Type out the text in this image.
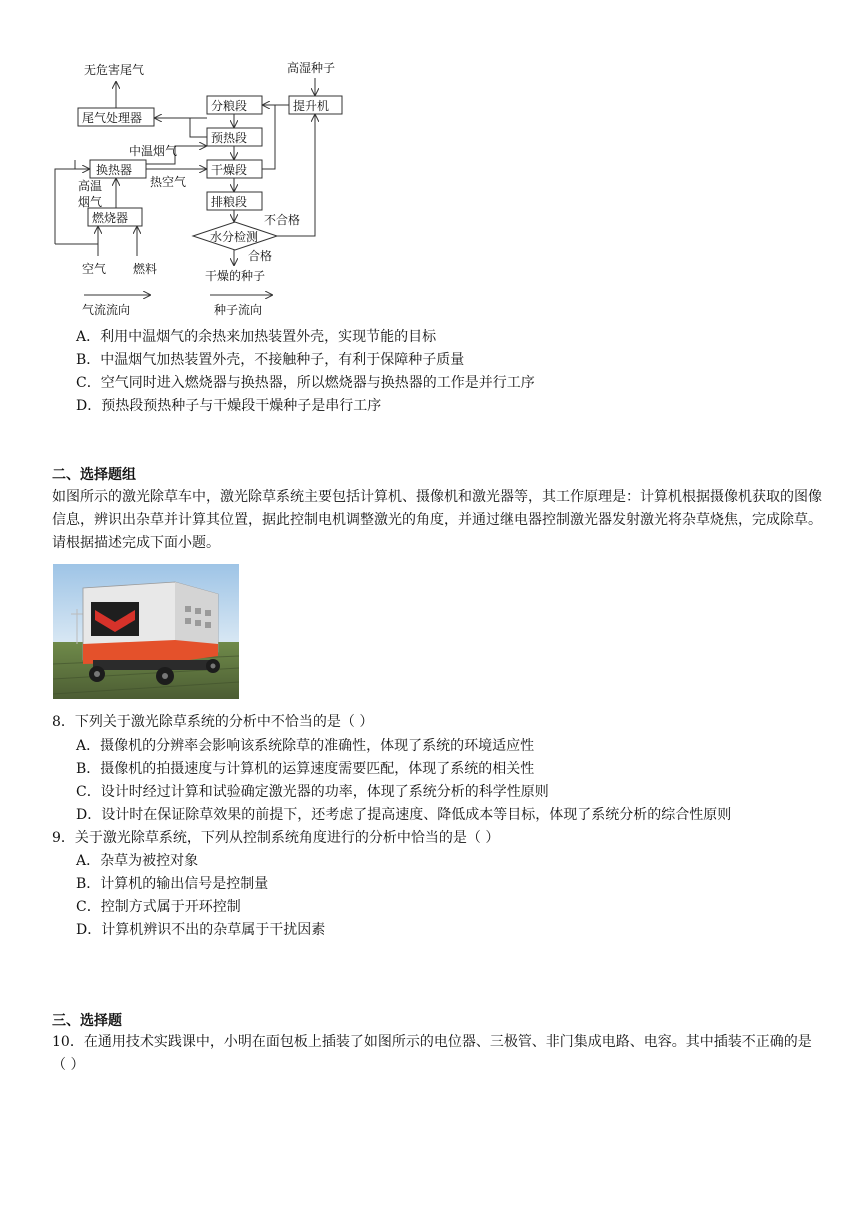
无危害尾气
尾气处理器
高湿种子
分粮段	提升机
预热段
中温烟气
换热器	干燥段
高温
烟气
热空气
排粮段
燃烧器	不合格
水分检测
合格
空气 燃料	干燥的种子
气流流向	种子流向
A．利用中温烟气的余热来加热装置外壳，实现节能的目标
B．中温烟气加热装置外壳，不接触种子，有利于保障种子质量
C．空气同时进入燃烧器与换热器，所以燃烧器与换热器的工作是并行工序
D．预热段预热种子与干燥段干燥种子是串行工序
二、选择题组
如图所示的激光除草车中，激光除草系统主要包括计算机、摄像机和激光器等，其工作原理是：计算机根据摄像机获取的图像信息，辨识出杂草并计算其位置，据此控制电机调整激光的角度，并通过继电器控制激光器发射激光将杂草烧焦，完成除草。请根据描述完成下面小题。
8．下列关于激光除草系统的分析中不恰当的是（ ）
A．摄像机的分辨率会影响该系统除草的准确性，体现了系统的环境适应性
B．摄像机的拍摄速度与计算机的运算速度需要匹配，体现了系统的相关性
C．设计时经过计算和试验确定激光器的功率，体现了系统分析的科学性原则
D．设计时在保证除草效果的前提下，还考虑了提高速度、降低成本等目标，体现了系统分析的综合性原则
9．关于激光除草系统，下列从控制系统角度进行的分析中恰当的是（ ）
A．杂草为被控对象
B．计算机的输出信号是控制量
C．控制方式属于开环控制
D．计算机辨识不出的杂草属于干扰因素
三、选择题
10．在通用技术实践课中，小明在面包板上插装了如图所示的电位器、三极管、非门集成电路、电容。其中插装不正确的是（ ）
